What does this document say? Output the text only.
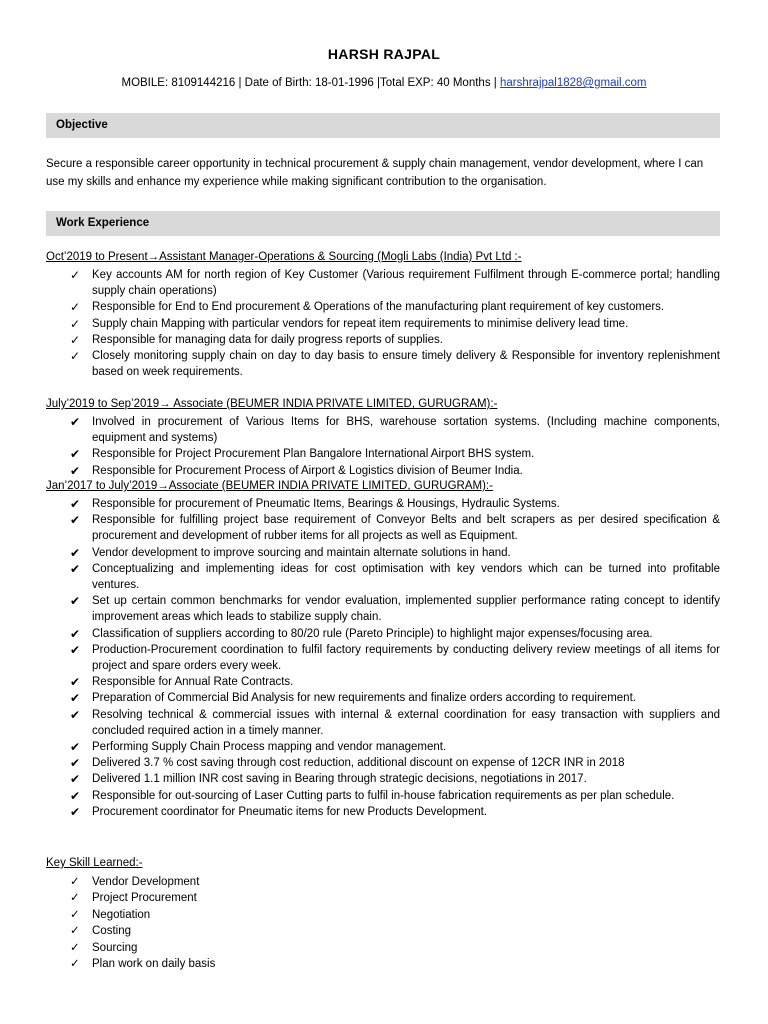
HARSH RAJPAL
MOBILE: 8109144216 | Date of Birth: 18-01-1996 |Total EXP: 40 Months | harshrajpal1828@gmail.com
Objective
Secure a responsible career opportunity in technical procurement & supply chain management, vendor development, where I can use my skills and enhance my experience while making significant contribution to the organisation.
Work Experience
Oct’2019 to Present→Assistant Manager-Operations & Sourcing (Mogli Labs (India) Pvt Ltd :-
✓ Key accounts AM for north region of Key Customer (Various requirement Fulfilment through E-commerce portal; handling supply chain operations)
✓ Responsible for End to End procurement & Operations of the manufacturing plant requirement of key customers.
✓ Supply chain Mapping with particular vendors for repeat item requirements to minimise delivery lead time.
✓ Responsible for managing data for daily progress reports of supplies.
✓ Closely monitoring supply chain on day to day basis to ensure timely delivery & Responsible for inventory replenishment based on week requirements.
July’2019 to Sep’2019→ Associate (BEUMER INDIA PRIVATE LIMITED, GURUGRAM):-
✔ Involved in procurement of Various Items for BHS, warehouse sortation systems. (Including machine components, equipment and systems)
✔ Responsible for Project Procurement Plan Bangalore International Airport BHS system.
✔ Responsible for Procurement Process of Airport & Logistics division of Beumer India.
Jan’2017 to July’2019→Associate (BEUMER INDIA PRIVATE LIMITED, GURUGRAM):-
✔ Responsible for procurement of Pneumatic Items, Bearings & Housings, Hydraulic Systems.
✔ Responsible for fulfilling project base requirement of Conveyor Belts and belt scrapers as per desired specification & procurement and development of rubber items for all projects as well as Equipment.
✔ Vendor development to improve sourcing and maintain alternate solutions in hand.
✔ Conceptualizing and implementing ideas for cost optimisation with key vendors which can be turned into profitable ventures.
✔ Set up certain common benchmarks for vendor evaluation, implemented supplier performance rating concept to identify improvement areas which leads to stabilize supply chain.
✔ Classification of suppliers according to 80/20 rule (Pareto Principle) to highlight major expenses/focusing area.
✔ Production-Procurement coordination to fulfil factory requirements by conducting delivery review meetings of all items for project and spare orders every week.
✔ Responsible for Annual Rate Contracts.
✔ Preparation of Commercial Bid Analysis for new requirements and finalize orders according to requirement.
✔ Resolving technical & commercial issues with internal & external coordination for easy transaction with suppliers and concluded required action in a timely manner.
✔ Performing Supply Chain Process mapping and vendor management.
✔ Delivered 3.7 % cost saving through cost reduction, additional discount on expense of 12CR INR in 2018
✔ Delivered 1.1 million INR cost saving in Bearing through strategic decisions, negotiations in 2017.
✔ Responsible for out-sourcing of Laser Cutting parts to fulfil in-house fabrication requirements as per plan schedule.
✔ Procurement coordinator for Pneumatic items for new Products Development.
Key Skill Learned:-
✓ Vendor Development
✓ Project Procurement
✓ Negotiation
✓ Costing
✓ Sourcing
✓ Plan work on daily basis
